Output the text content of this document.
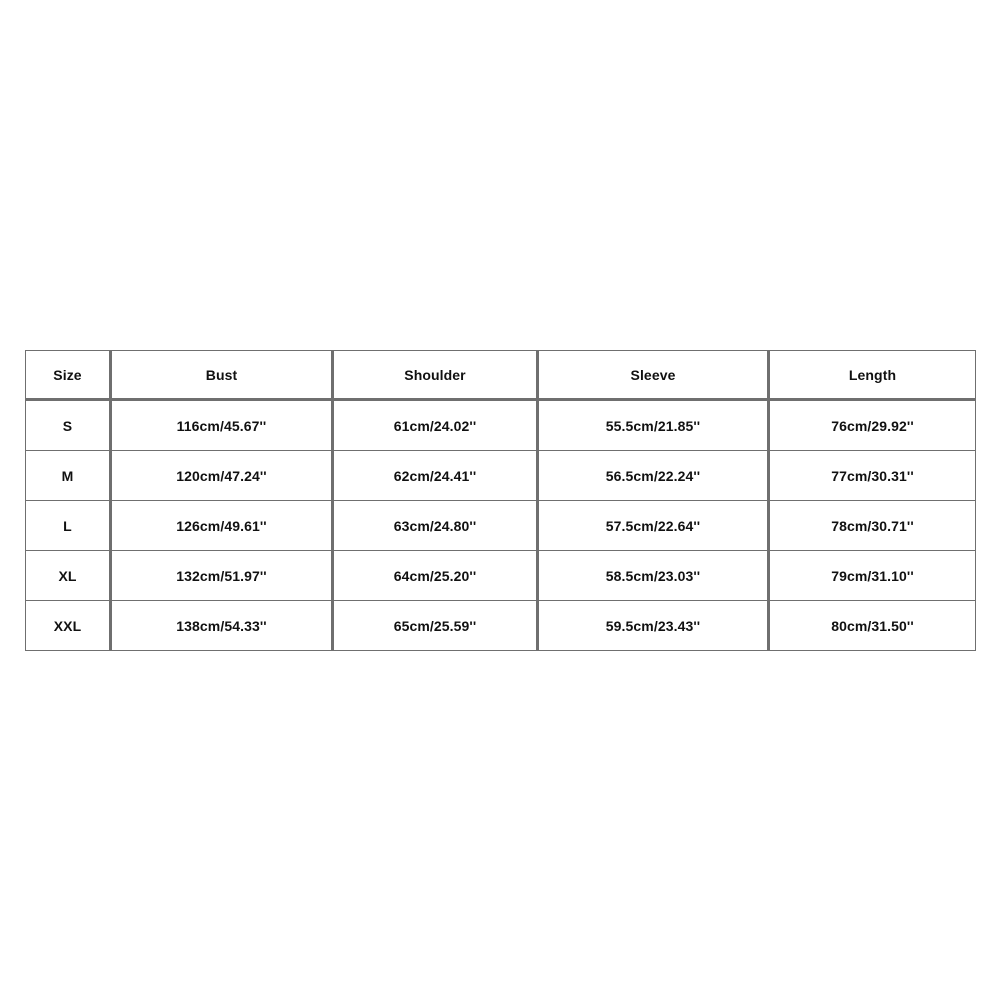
Size	Bust	Shoulder	Sleeve	Length
S	116cm/45.67''	61cm/24.02''	55.5cm/21.85''	76cm/29.92''
M	120cm/47.24''	62cm/24.41''	56.5cm/22.24''	77cm/30.31''
L	126cm/49.61''	63cm/24.80''	57.5cm/22.64''	78cm/30.71''
XL	132cm/51.97''	64cm/25.20''	58.5cm/23.03''	79cm/31.10''
XXL	138cm/54.33''	65cm/25.59''	59.5cm/23.43''	80cm/31.50''
